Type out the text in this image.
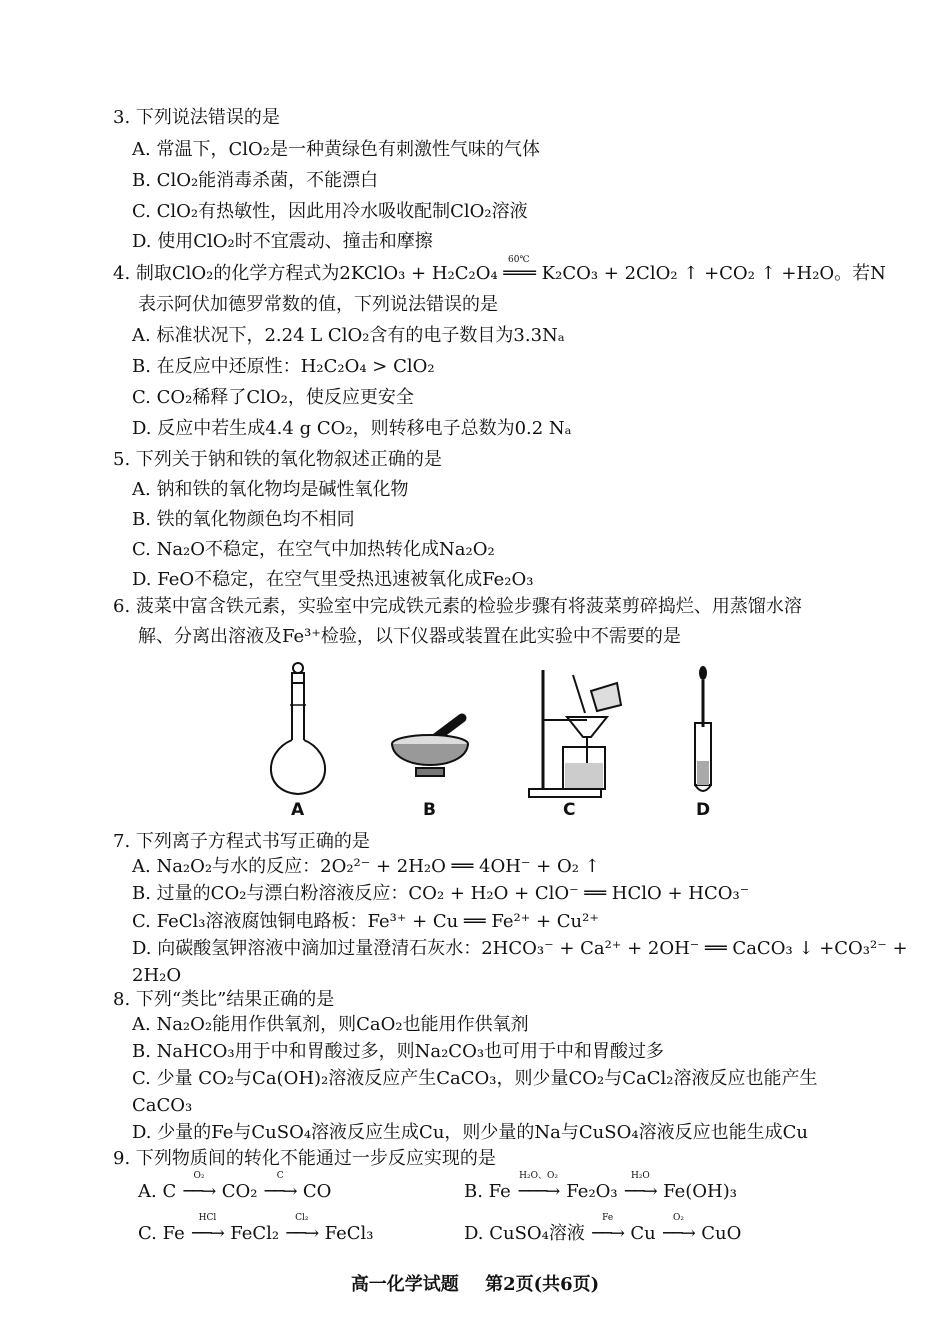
3. 下列说法错误的是
A. 常温下，ClO₂是一种黄绿色有刺激性气味的气体
B. ClO₂能消毒杀菌，不能漂白
C. ClO₂有热敏性，因此用冷水吸收配制ClO₂溶液
D. 使用ClO₂时不宜震动、撞击和摩擦
4. 制取ClO₂的化学方程式为2KClO₃ + H₂C₂O₄ ═══ K₂CO₃ + 2ClO₂ ↑ +CO₂ ↑ +H₂O。若N
60℃
表示阿伏加德罗常数的值，下列说法错误的是
A. 标准状况下，2.24 L ClO₂含有的电子数目为3.3Nₐ
B. 在反应中还原性：H₂C₂O₄ > ClO₂
C. CO₂稀释了ClO₂，使反应更安全
D. 反应中若生成4.4 g CO₂，则转移电子总数为0.2 Nₐ
5. 下列关于钠和铁的氧化物叙述正确的是
A. 钠和铁的氧化物均是碱性氧化物
B. 铁的氧化物颜色均不相同
C. Na₂O不稳定，在空气中加热转化成Na₂O₂
D. FeO不稳定，在空气里受热迅速被氧化成Fe₂O₃
6. 菠菜中富含铁元素，实验室中完成铁元素的检验步骤有将菠菜剪碎捣烂、用蒸馏水溶
解、分离出溶液及Fe³⁺检验，以下仪器或装置在此实验中不需要的是
A	B	C	D
7. 下列离子方程式书写正确的是
A. Na₂O₂与水的反应：2O₂²⁻ + 2H₂O ══ 4OH⁻ + O₂ ↑
B. 过量的CO₂与漂白粉溶液反应：CO₂ + H₂O + ClO⁻ ══ HClO + HCO₃⁻
C. FeCl₃溶液腐蚀铜电路板：Fe³⁺ + Cu ══ Fe²⁺ + Cu²⁺
D. 向碳酸氢钾溶液中滴加过量澄清石灰水：2HCO₃⁻ + Ca²⁺ + 2OH⁻ ══ CaCO₃ ↓ +CO₃²⁻ +
2H₂O
8. 下列“类比”结果正确的是
A. Na₂O₂能用作供氧剂，则CaO₂也能用作供氧剂
B. NaHCO₃用于中和胃酸过多，则Na₂CO₃也可用于中和胃酸过多
C. 少量 CO₂与Ca(OH)₂溶液反应产生CaCO₃，则少量CO₂与CaCl₂溶液反应也能产生
CaCO₃
D. 少量的Fe与CuSO₄溶液反应生成Cu，则少量的Na与CuSO₄溶液反应也能生成Cu
9. 下列物质间的转化不能通过一步反应实现的是
A. C
O₂
──→ CO₂
C
──→ CO	B. Fe
H₂O、O₂
───→ Fe₂O₃
H₂O
──→ Fe(OH)₃
C. Fe
HCl
──→ FeCl₂
Cl₂
──→ FeCl₃	D. CuSO₄溶液
Fe
──→ Cu
O₂
──→ CuO
高一化学试题 第2页(共6页)
